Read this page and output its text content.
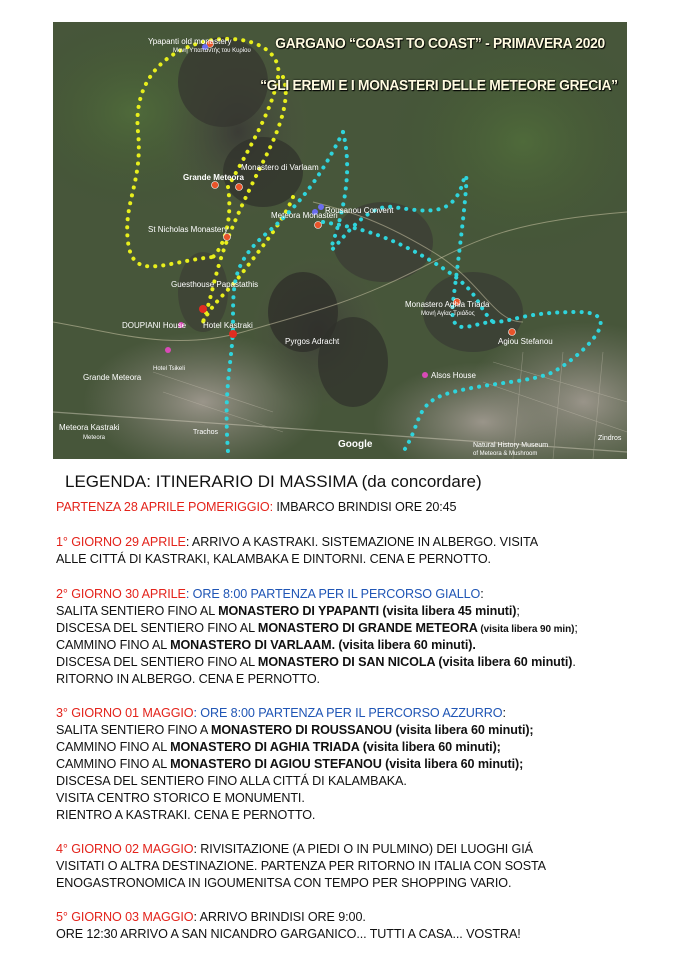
Ypapanti old monastery
Μονή Υπαπαντής του Κυρίου
Grande Meteora
Monastero di Varlaam
St Nicholas Monastery
Meteora Monasteri
Rousanou Convent
Guesthouse Papastathis
DOUPIANI House Hotel Kastraki
Pyrgos Adracht
Monastero Aghia Triada
Μονή Αγίας Τριάδος
Agiou Stefanou
Alsos House
Grande Meteora
Hotel Tsikeli
Meteora Kastraki
Meteora
Trachos
Natural History Museum
of Meteora & Mushroom
Zindros
Google
GARGANO “COAST TO COAST” - PRIMAVERA 2020
“GLI EREMI E I MONASTERI DELLE METEORE GRECIA”
LEGENDA: ITINERARIO DI MASSIMA (da concordare)
PARTENZA 28 APRILE POMERIGGIO: IMBARCO BRINDISI ORE 20:45
1° GIORNO 29 APRILE: ARRIVO A KASTRAKI. SISTEMAZIONE IN ALBERGO. VISITA
ALLE CITTÁ DI KASTRAKI, KALAMBAKA E DINTORNI. CENA E PERNOTTO.
2° GIORNO 30 APRILE: ORE 8:00 PARTENZA PER IL PERCORSO GIALLO:
SALITA SENTIERO FINO AL MONASTERO DI YPAPANTI (visita libera 45 minuti);
DISCESA DEL SENTIERO FINO AL MONASTERO DI GRANDE METEORA (visita libera 90 min);
CAMMINO FINO AL MONASTERO DI VARLAAM. (visita libera 60 minuti).
DISCESA DEL SENTIERO FINO AL MONASTERO DI SAN NICOLA (visita libera 60 minuti).
RITORNO IN ALBERGO. CENA E PERNOTTO.
3° GIORNO 01 MAGGIO: ORE 8:00 PARTENZA PER IL PERCORSO AZZURRO:
SALITA SENTIERO FINO A MONASTERO DI ROUSSANOU (visita libera 60 minuti);
CAMMINO FINO AL MONASTERO DI AGHIA TRIADA (visita libera 60 minuti);
CAMMINO FINO AL MONASTERO DI AGIOU STEFANOU (visita libera 60 minuti);
DISCESA DEL SENTIERO FINO ALLA CITTÁ DI KALAMBAKA.
VISITA CENTRO STORICO E MONUMENTI.
RIENTRO A KASTRAKI. CENA E PERNOTTO.
4° GIORNO 02 MAGGIO: RIVISITAZIONE (A PIEDI O IN PULMINO) DEI LUOGHI GIÁ
VISITATI O ALTRA DESTINAZIONE. PARTENZA PER RITORNO IN ITALIA CON SOSTA
ENOGASTRONOMICA IN IGOUMENITSA CON TEMPO PER SHOPPING VARIO.
5° GIORNO 03 MAGGIO: ARRIVO BRINDISI ORE 9:00.
ORE 12:30 ARRIVO A SAN NICANDRO GARGANICO... TUTTI A CASA... VOSTRA!
